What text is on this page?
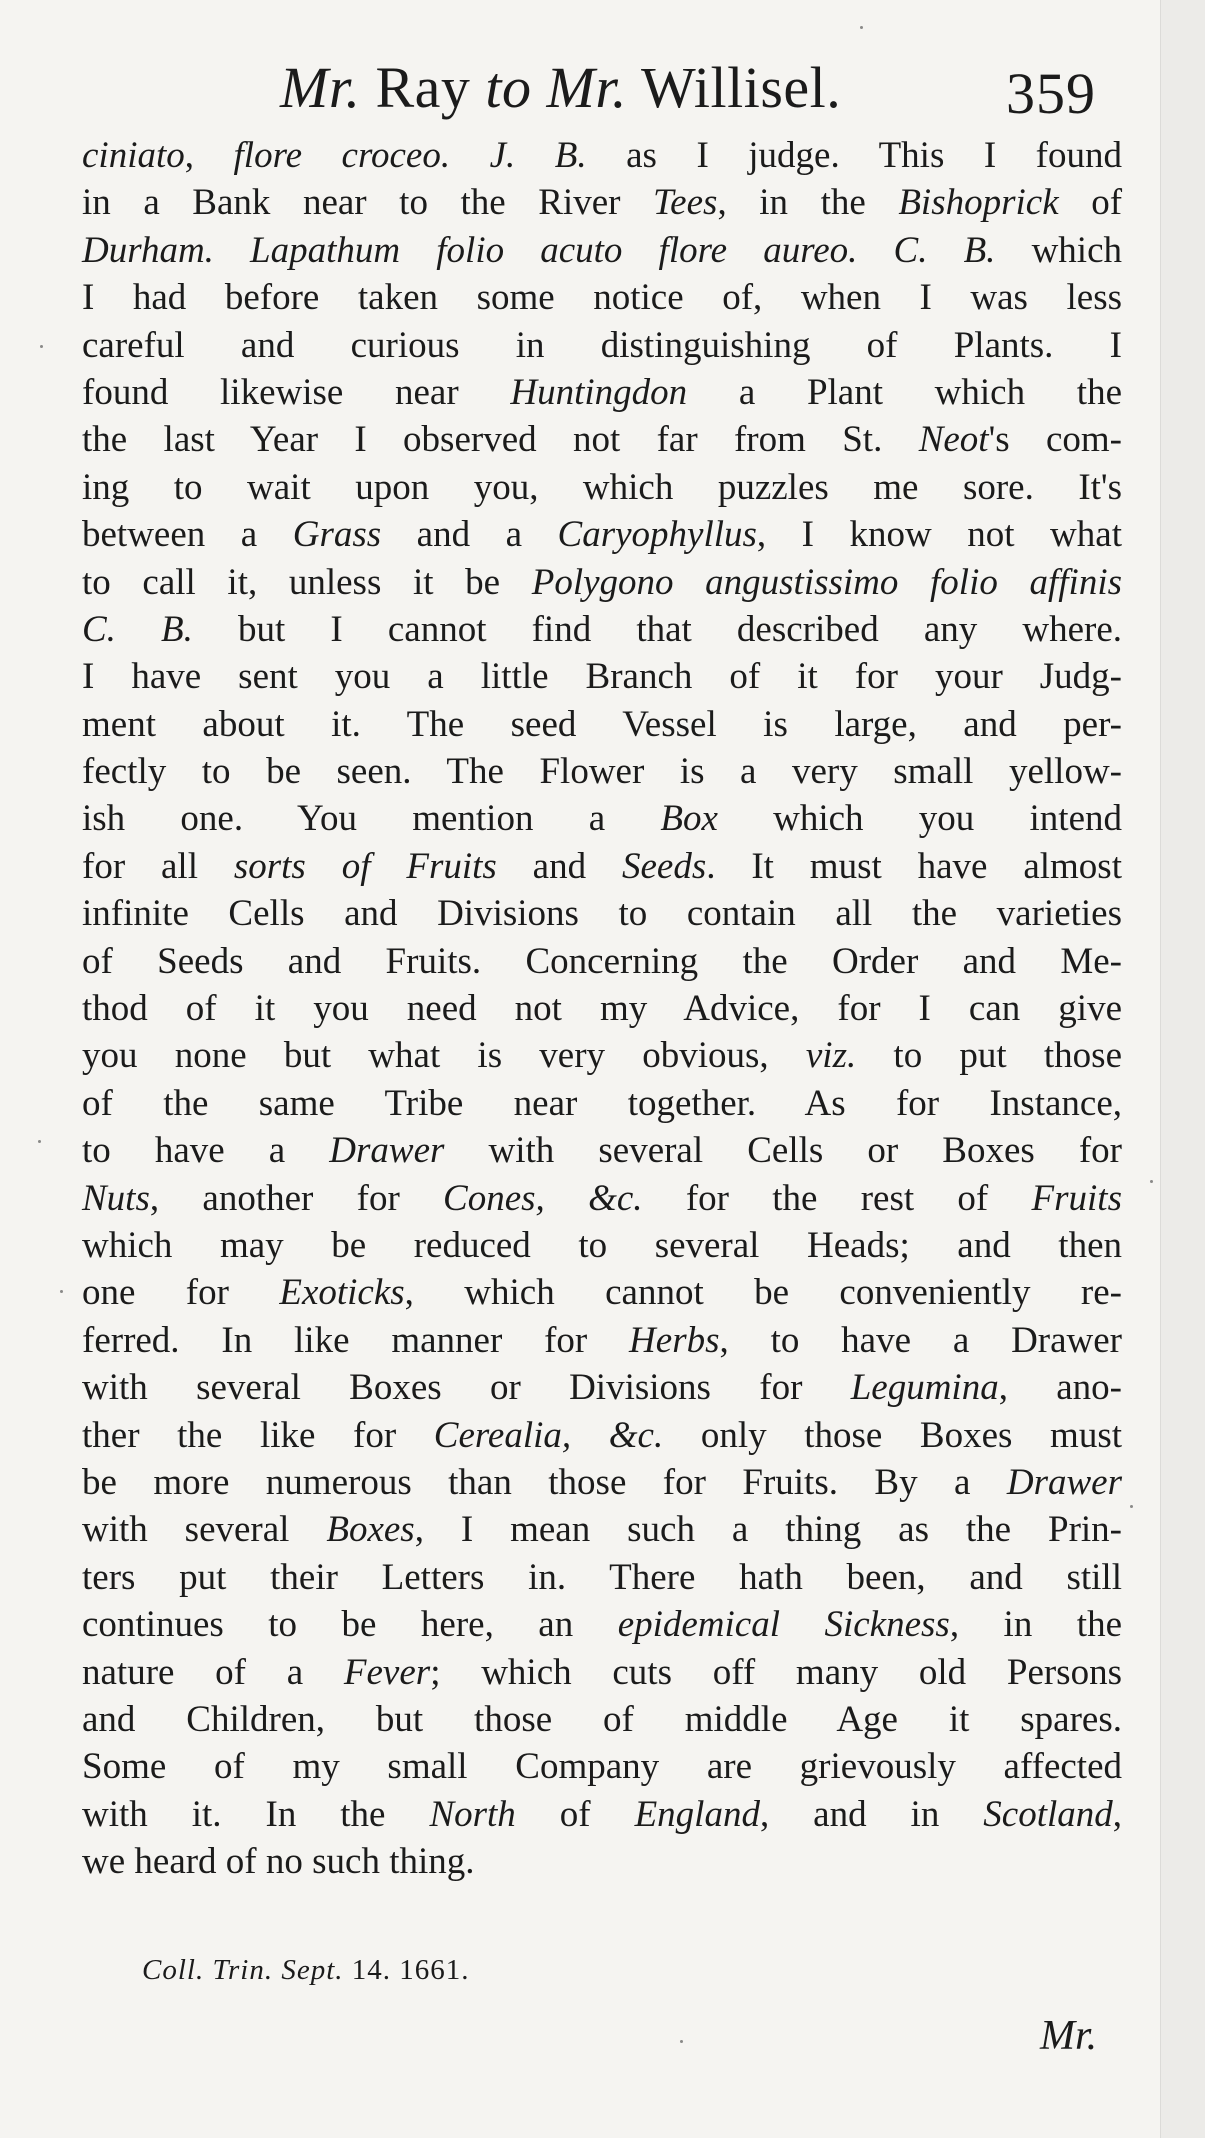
Mr. Ray to Mr. Willisel.	359
ciniato, flore croceo. J. B. as I judge. This I found
in a Bank near to the River Tees, in the Bishoprick of
Durham. Lapathum folio acuto flore aureo. C. B. which
I had before taken some notice of, when I was less
careful and curious in distinguishing of Plants. I
found likewise near Huntingdon a Plant which the
the last Year I observed not far from St. Neot's com-
ing to wait upon you, which puzzles me sore. It's
between a Grass and a Caryophyllus, I know not what
to call it, unless it be Polygono angustissimo folio affinis
C. B. but I cannot find that described any where.
I have sent you a little Branch of it for your Judg-
ment about it. The seed Vessel is large, and per-
fectly to be seen. The Flower is a very small yellow-
ish one. You mention a Box which you intend
for all sorts of Fruits and Seeds. It must have almost
infinite Cells and Divisions to contain all the varieties
of Seeds and Fruits. Concerning the Order and Me-
thod of it you need not my Advice, for I can give
you none but what is very obvious, viz. to put those
of the same Tribe near together. As for Instance,
to have a Drawer with several Cells or Boxes for
Nuts, another for Cones, &c. for the rest of Fruits
which may be reduced to several Heads; and then
one for Exoticks, which cannot be conveniently re-
ferred. In like manner for Herbs, to have a Drawer
with several Boxes or Divisions for Legumina, ano-
ther the like for Cerealia, &c. only those Boxes must
be more numerous than those for Fruits. By a Drawer
with several Boxes, I mean such a thing as the Prin-
ters put their Letters in. There hath been, and still
continues to be here, an epidemical Sickness, in the
nature of a Fever; which cuts off many old Persons
and Children, but those of middle Age it spares.
Some of my small Company are grievously affected
with it. In the North of England, and in Scotland,
we heard of no such thing.
Coll. Trin. Sept. 14. 1661.
Mr.
